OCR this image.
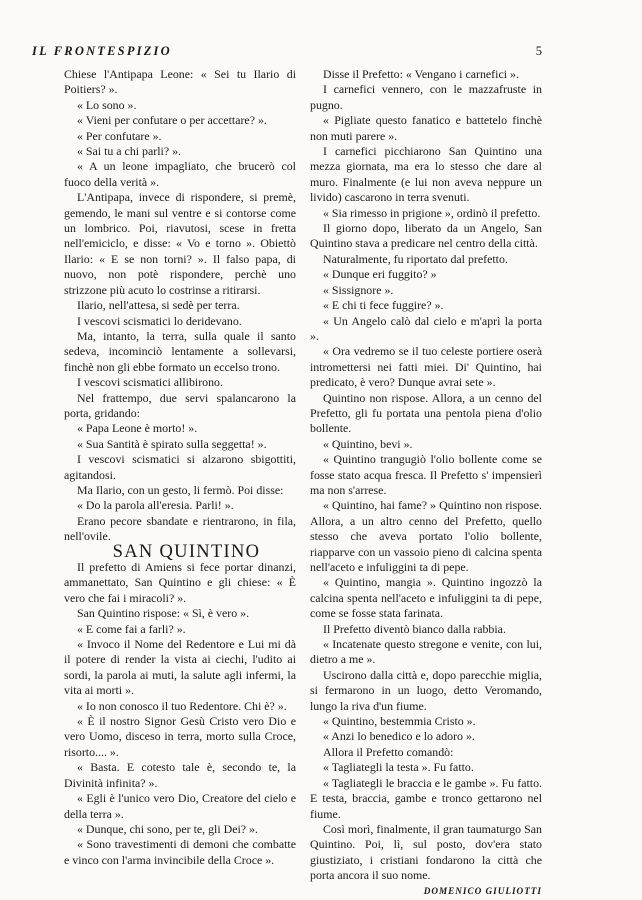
IL FRONTESPIZIO	5

Chiese l'Antipapa Leone: « Sei tu Ilario di Poitiers? ».

« Lo sono ».

« Vieni per confutare o per accettare? ».

« Per confutare ».

« Sai tu a chi parli? ».

« A un leone impagliato, che brucerò col fuoco della verità ».

L'Antipapa, invece di rispondere, si premè, gemendo, le mani sul ventre e si contorse come un lombrico. Poi, riavutosi, scese in fretta nell'emiciclo, e disse: « Vo e torno ». Obiettò Ilario: « E se non torni? ». Il falso papa, di nuovo, non potè rispondere, perchè uno strizzone più acuto lo costrinse a ritirarsi.

Ilario, nell'attesa, si sedè per terra.

I vescovi scismatici lo deridevano.

Ma, intanto, la terra, sulla quale il santo sedeva, incominciò lentamente a sollevarsi, finchè non gli ebbe formato un eccelso trono.

I vescovi scismatici allibirono.

Nel frattempo, due servi spalancarono la porta, gridando:

« Papa Leone è morto! ».

« Sua Santità è spirato sulla seggetta! ».

I vescovi scismatici si alzarono sbigottiti, agitandosi.

Ma Ilario, con un gesto, li fermò. Poi disse:

« Do la parola all'eresia. Parli! ».

Erano pecore sbandate e rientrarono, in fila, nell'ovile.

SAN QUINTINO

Il prefetto di Amiens si fece portar dinanzi, ammanettato, San Quintino e gli chiese: « È vero che fai i miracoli? ».

San Quintino rispose: « Sì, è vero ».

« E come fai a farli? ».

« Invoco il Nome del Redentore e Lui mi dà il potere di render la vista ai ciechi, l'udito ai sordi, la parola ai muti, la salute agli infermi, la vita ai morti ».

« Io non conosco il tuo Redentore. Chi è? ».

« È il nostro Signor Gesù Cristo vero Dio e vero Uomo, disceso in terra, morto sulla Croce, risorto.... ».

« Basta. E cotesto tale è, secondo te, la Divinità infinita? ».

« Egli è l'unico vero Dio, Creatore del cielo e della terra ».

« Dunque, chi sono, per te, gli Dei? ».

« Sono travestimenti di demoni che combatte e vinco con l'arma invincibile della Croce ».

Disse il Prefetto: « Vengano i carnefici ».

I carnefici vennero, con le mazzafruste in pugno.

« Pigliate questo fanatico e battetelo finchè non muti parere ».

I carnefici picchiarono San Quintino una mezza giornata, ma era lo stesso che dare al muro. Finalmente (e lui non aveva neppure un livido) cascarono in terra svenuti.

« Sia rimesso in prigione », ordinò il prefetto.

Il giorno dopo, liberato da un Angelo, San Quintino stava a predicare nel centro della città.

Naturalmente, fu riportato dal prefetto.

« Dunque eri fuggito? »

« Sissignore ».

« E chi ti fece fuggire? ».

« Un Angelo calò dal cielo e m'aprì la porta ».

« Ora vedremo se il tuo celeste portiere oserà intromettersi nei fatti miei. Di' Quintino, hai predicato, è vero? Dunque avrai sete ».

Quintino non rispose. Allora, a un cenno del Prefetto, gli fu portata una pentola piena d'olio bollente.

« Quintino, bevi ».

« Quintino trangugiò l'olio bollente come se fosse stato acqua fresca. Il Prefetto s' impensierì ma non s'arrese.

« Quintino, hai fame? » Quintino non rispose. Allora, a un altro cenno del Prefetto, quello stesso che aveva portato l'olio bollente, riapparve con un vassoio pieno di calcina spenta nell'aceto e infuliggini ta di pepe.

« Quintino, mangia ». Quintino ingozzò la calcina spenta nell'aceto e infuliggini ta di pepe, come se fosse stata farinata.

Il Prefetto diventò bianco dalla rabbia.

« Incatenate questo stregone e venite, con lui, dietro a me ».

Uscirono dalla città e, dopo parecchie miglia, si fermarono in un luogo, detto Veromando, lungo la riva d'un fiume.

« Quintino, bestemmia Cristo ».

« Anzi lo benedico e lo adoro ».

Allora il Prefetto comandò:

« Tagliategli la testa ». Fu fatto.

« Tagliategli le braccia e le gambe ». Fu fatto. E testa, braccia, gambe e tronco gettarono nel fiume.

Così morì, finalmente, il gran taumaturgo San Quintino. Poi, lì, sul posto, dov'era stato giustiziato, i cristiani fondarono la città che porta ancora il suo nome.

DOMENICO GIULIOTTI
